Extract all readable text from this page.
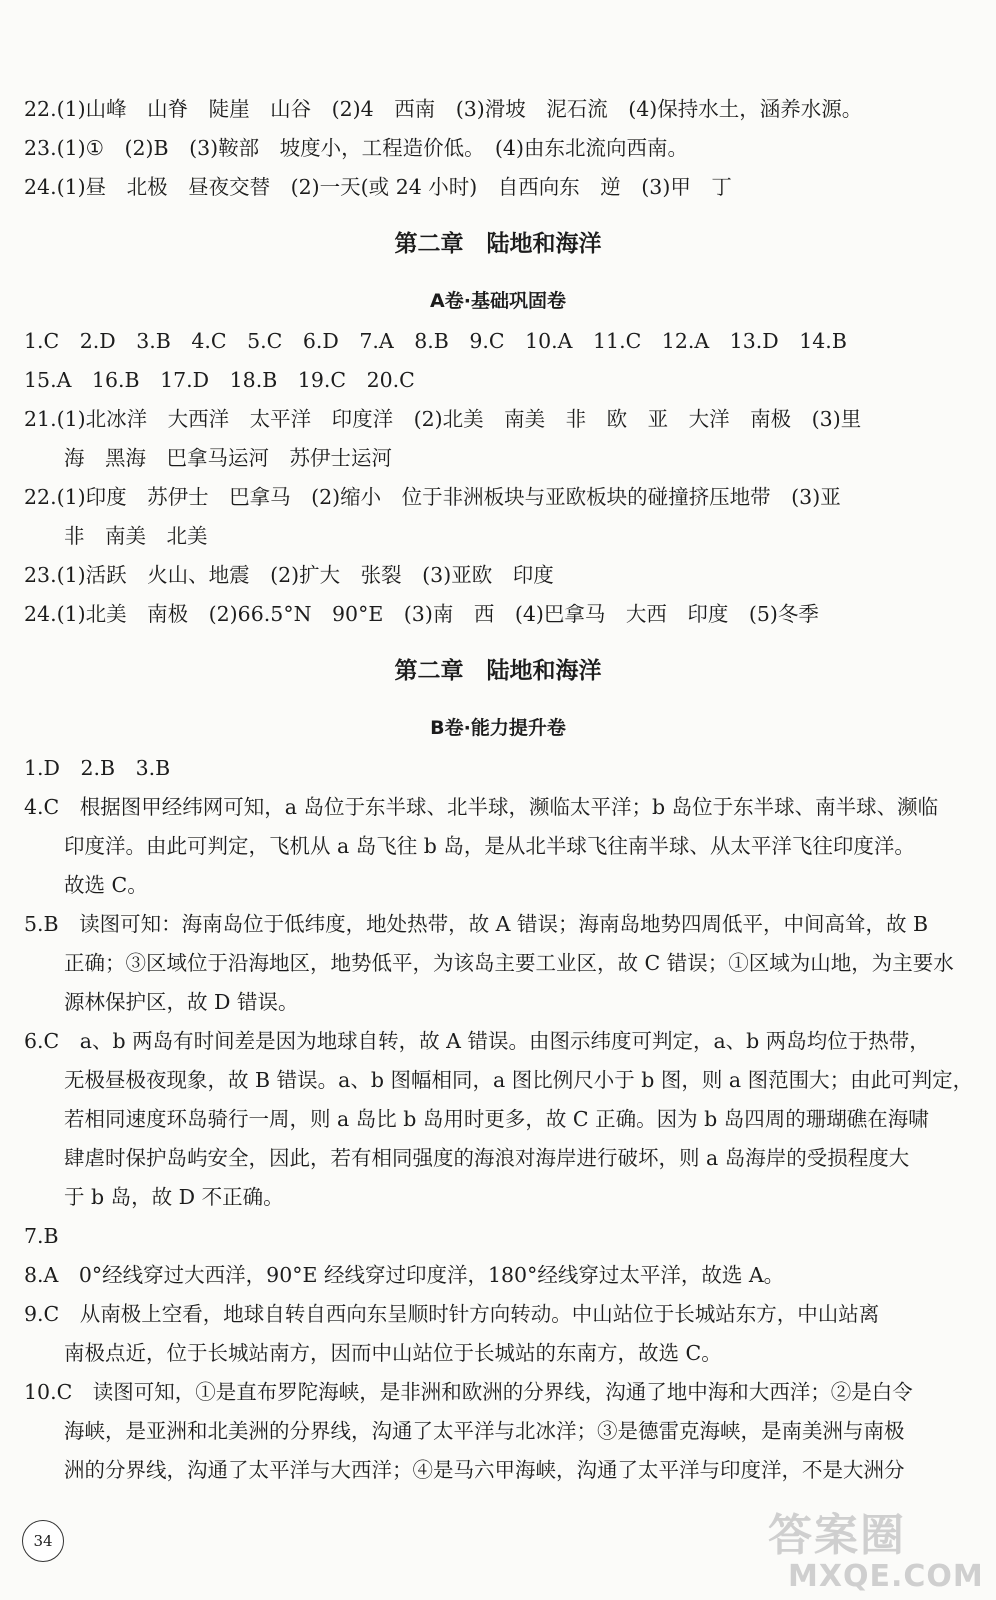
22.(1)山峰　山脊　陡崖　山谷　(2)4　西南　(3)滑坡　泥石流　(4)保持水土，涵养水源。
23.(1)①　(2)B　(3)鞍部　坡度小，工程造价低。　(4)由东北流向西南。
24.(1)昼　北极　昼夜交替　(2)一天(或 24 小时)　自西向东　逆　(3)甲　丁
第二章　陆地和海洋
A卷·基础巩固卷
1.C　2.D　3.B　4.C　5.C　6.D　7.A　8.B　9.C　10.A　11.C　12.A　13.D　14.B
15.A　16.B　17.D　18.B　19.C　20.C
21.(1)北冰洋　大西洋　太平洋　印度洋　(2)北美　南美　非　欧　亚　大洋　南极　(3)里
海　黑海　巴拿马运河　苏伊士运河
22.(1)印度　苏伊士　巴拿马　(2)缩小　位于非洲板块与亚欧板块的碰撞挤压地带　(3)亚
非　南美　北美
23.(1)活跃　火山、地震　(2)扩大　张裂　(3)亚欧　印度
24.(1)北美　南极　(2)66.5°N　90°E　(3)南　西　(4)巴拿马　大西　印度　(5)冬季
第二章　陆地和海洋
B卷·能力提升卷
1.D　2.B　3.B
4.C　根据图甲经纬网可知，a 岛位于东半球、北半球，濒临太平洋；b 岛位于东半球、南半球、濒临
印度洋。由此可判定，飞机从 a 岛飞往 b 岛，是从北半球飞往南半球、从太平洋飞往印度洋。
故选 C。
5.B　读图可知：海南岛位于低纬度，地处热带，故 A 错误；海南岛地势四周低平，中间高耸，故 B
正确；③区域位于沿海地区，地势低平，为该岛主要工业区，故 C 错误；①区域为山地，为主要水
源林保护区，故 D 错误。
6.C　a、b 两岛有时间差是因为地球自转，故 A 错误。由图示纬度可判定，a、b 两岛均位于热带，
无极昼极夜现象，故 B 错误。a、b 图幅相同，a 图比例尺小于 b 图，则 a 图范围大；由此可判定，
若相同速度环岛骑行一周，则 a 岛比 b 岛用时更多，故 C 正确。因为 b 岛四周的珊瑚礁在海啸
肆虐时保护岛屿安全，因此，若有相同强度的海浪对海岸进行破坏，则 a 岛海岸的受损程度大
于 b 岛，故 D 不正确。
7.B
8.A　0°经线穿过大西洋，90°E 经线穿过印度洋，180°经线穿过太平洋，故选 A。
9.C　从南极上空看，地球自转自西向东呈顺时针方向转动。中山站位于长城站东方，中山站离
南极点近，位于长城站南方，因而中山站位于长城站的东南方，故选 C。
10.C　读图可知，①是直布罗陀海峡，是非洲和欧洲的分界线，沟通了地中海和大西洋；②是白令
海峡，是亚洲和北美洲的分界线，沟通了太平洋与北冰洋；③是德雷克海峡，是南美洲与南极
洲的分界线，沟通了太平洋与大西洋；④是马六甲海峡，沟通了太平洋与印度洋，不是大洲分
34	答案圈
MXQE.COM
